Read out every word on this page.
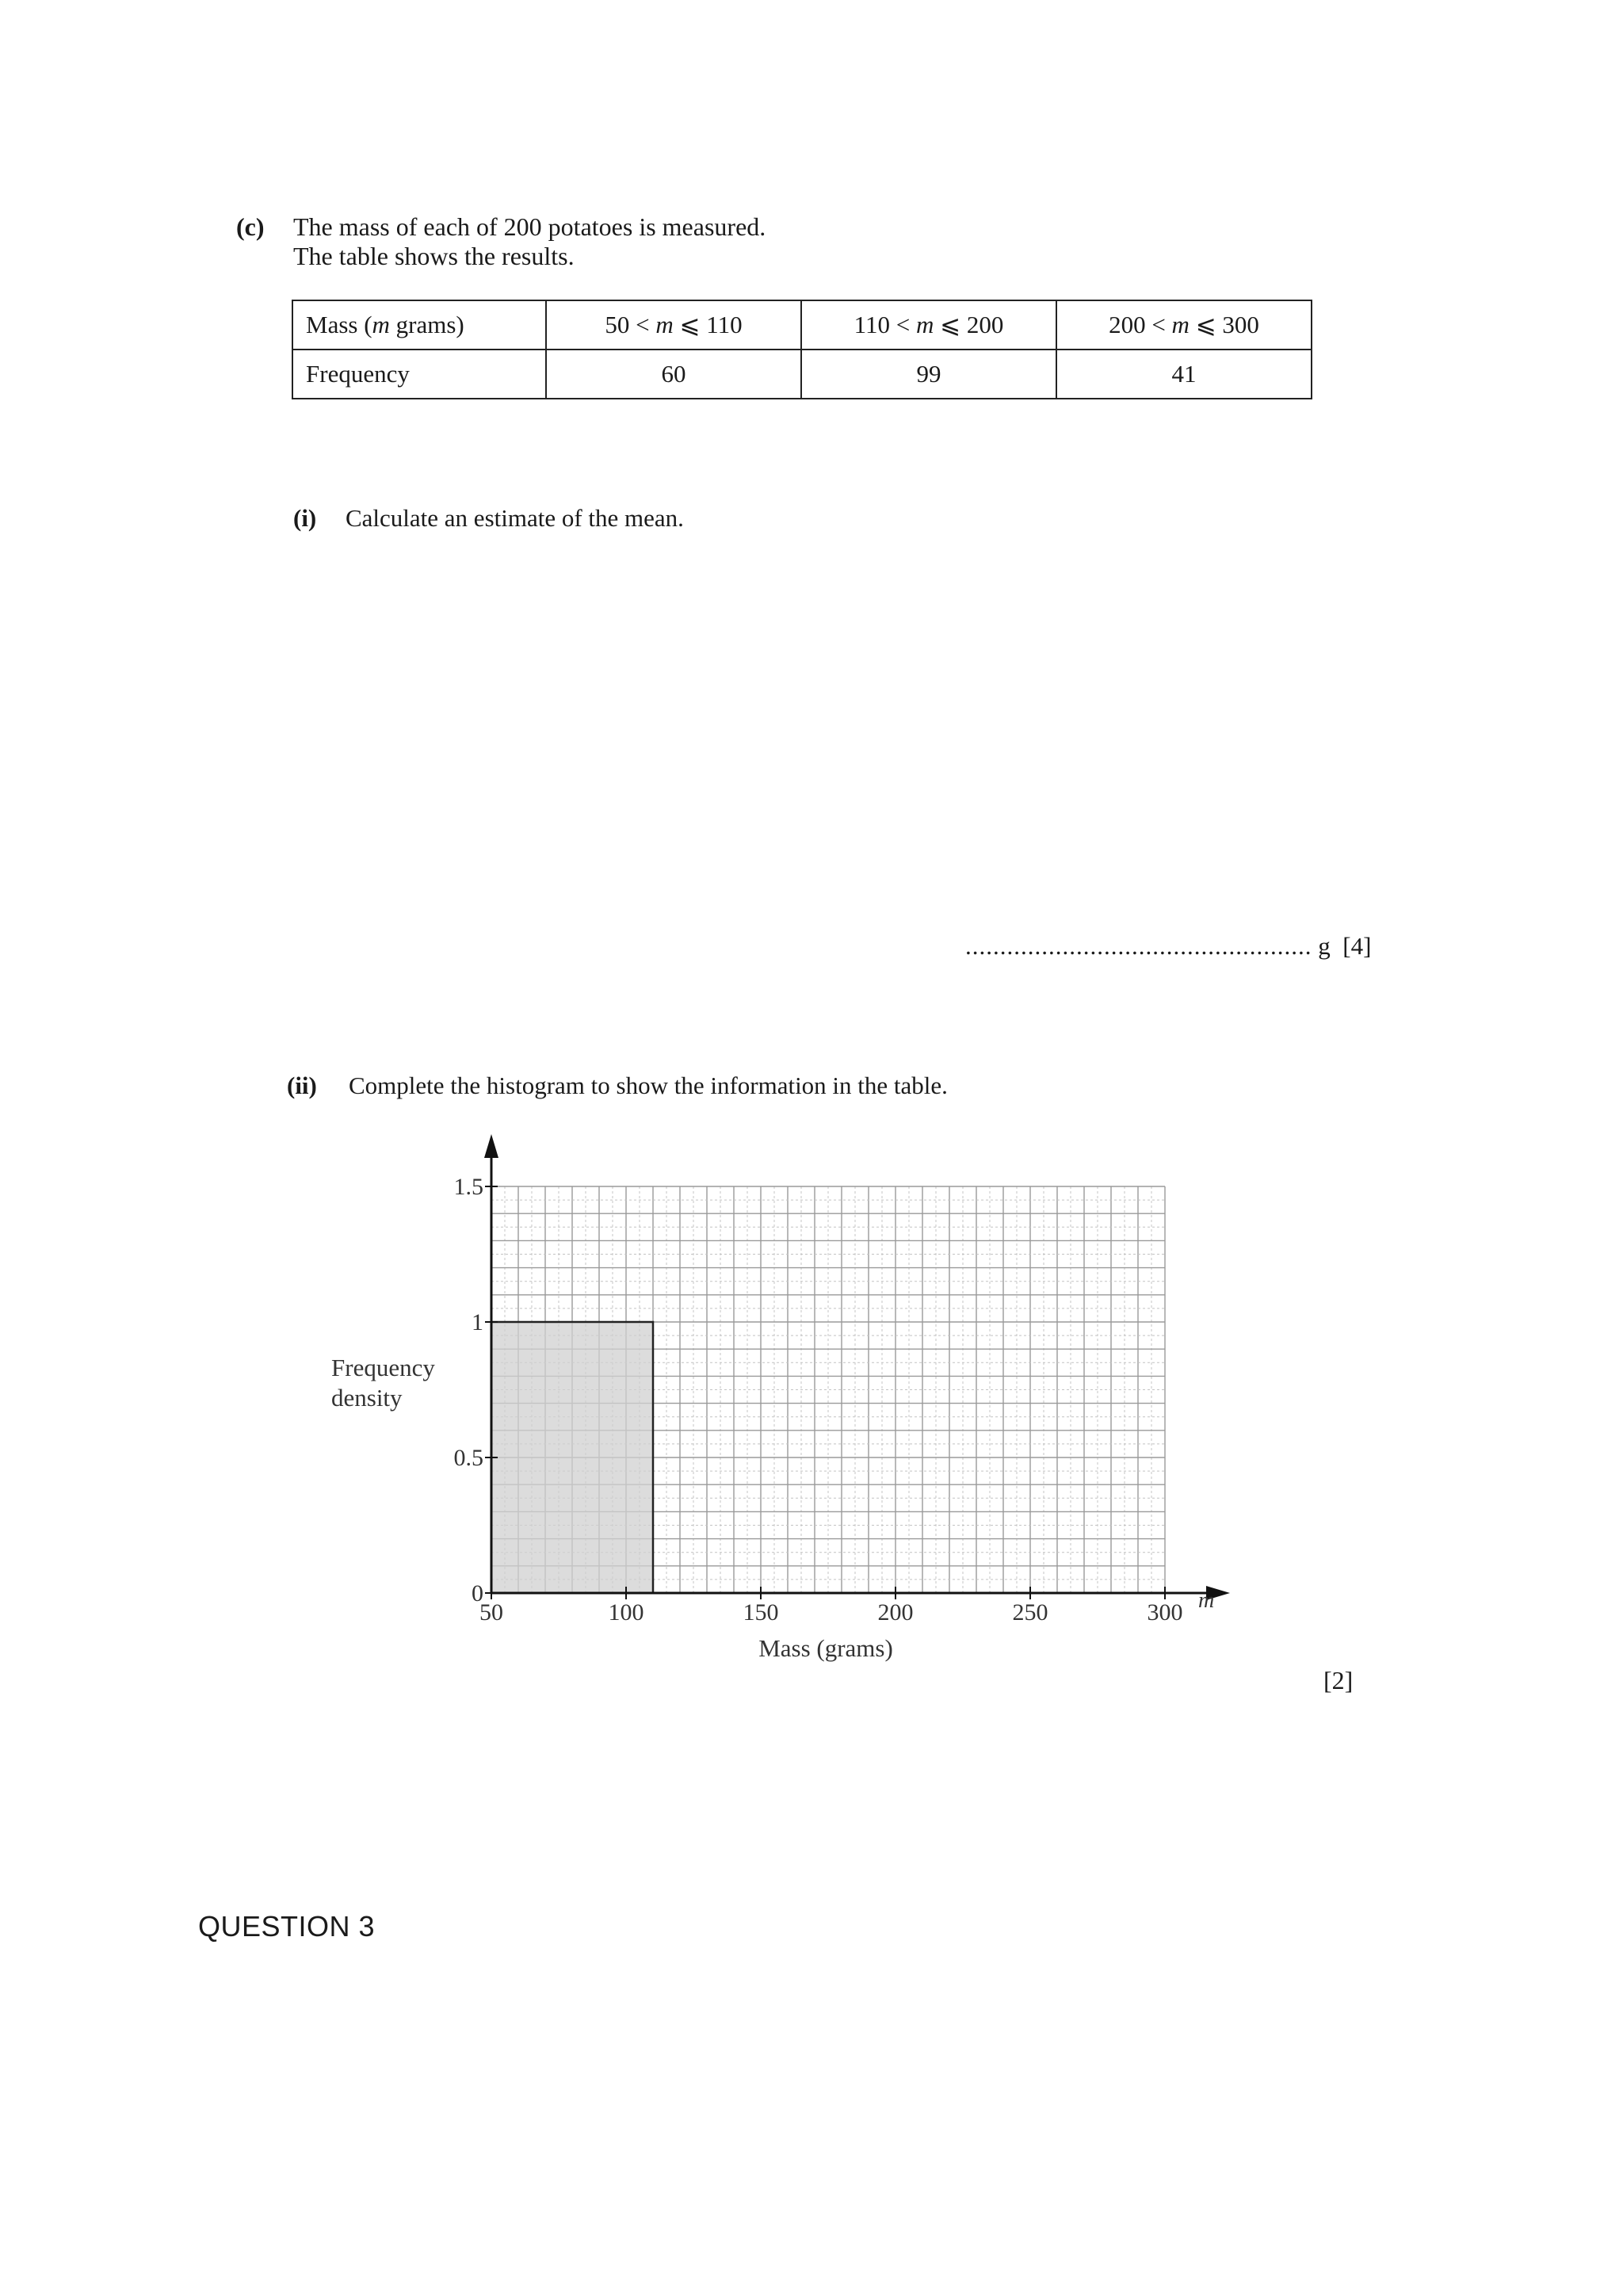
(c) The mass of each of 200 potatoes is measured.
The table shows the results.
Mass (m grams)	50 < m ⩽ 110	110 < m ⩽ 200	200 < m ⩽ 300
Frequency	60	99	41
(i) Calculate an estimate of the mean.
.................................................. g [4]
(ii) Complete the histogram to show the information in the table.
Frequency
density
Mass (grams)
m
50	100	150	200	250	300
0
0.5
1
1.5
[2]
QUESTION 3
